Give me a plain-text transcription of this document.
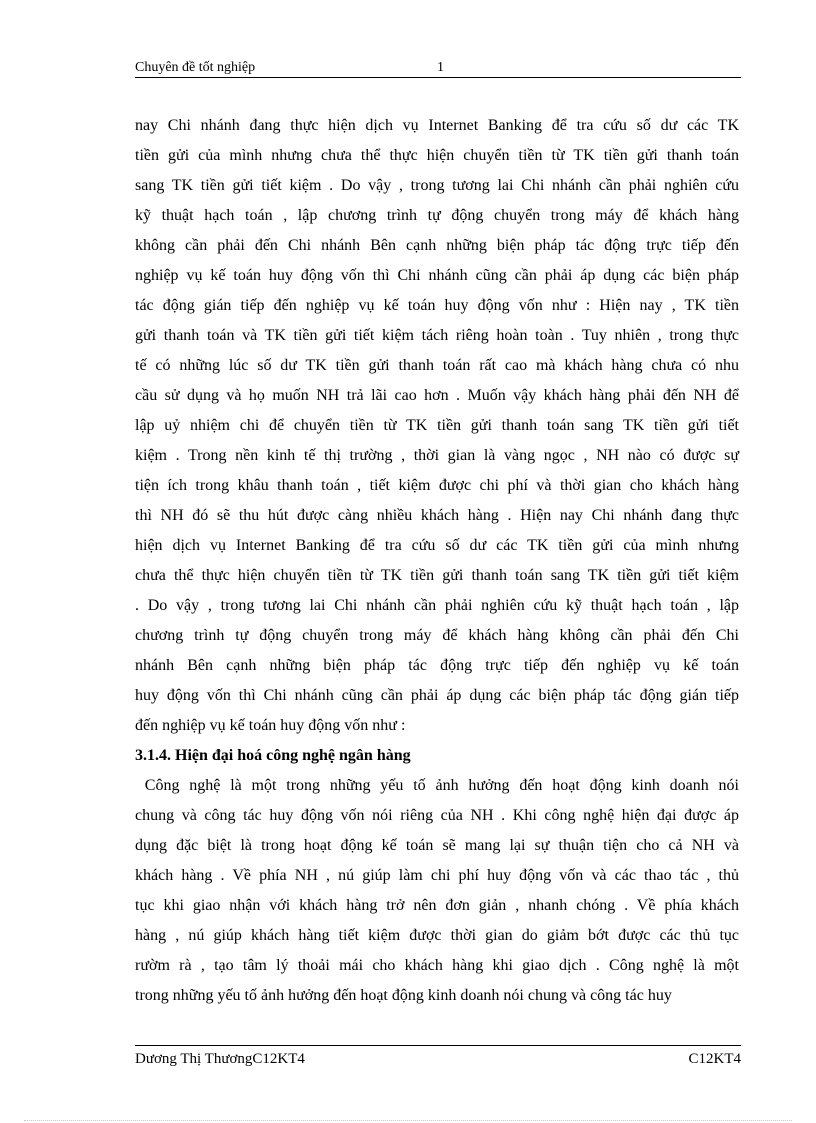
Chuyên đề tốt nghiệp	1
nay Chi nhánh đang thực hiện dịch vụ Internet Banking để tra cứu số dư các TK
tiền gửi của mình nhưng chưa thể thực hiện chuyển tiền từ TK tiền gửi thanh toán
sang TK tiền gửi tiết kiệm . Do vậy , trong tương lai Chi nhánh cần phải nghiên cứu
kỹ thuật hạch toán , lập chương trình tự động chuyển trong máy để khách hàng
không cần phải đến Chi nhánh Bên cạnh những biện pháp tác động trực tiếp đến
nghiệp vụ kế toán huy động vốn thì Chi nhánh cũng cần phải áp dụng các biện pháp
tác động gián tiếp đến nghiệp vụ kế toán huy động vốn như : Hiện nay , TK tiền
gửi thanh toán và TK tiền gửi tiết kiệm tách riêng hoàn toàn . Tuy nhiên , trong thực
tế có những lúc số dư TK tiền gửi thanh toán rất cao mà khách hàng chưa có nhu
cầu sử dụng và họ muốn NH trả lãi cao hơn . Muốn vậy khách hàng phải đến NH để
lập uỷ nhiệm chi để chuyển tiền từ TK tiền gửi thanh toán sang TK tiền gửi tiết
kiệm . Trong nền kinh tế thị trường , thời gian là vàng ngọc , NH nào có được sự
tiện ích trong khâu thanh toán , tiết kiệm được chi phí và thời gian cho khách hàng
thì NH đó sẽ thu hút được càng nhiều khách hàng . Hiện nay Chi nhánh đang thực
hiện dịch vụ Internet Banking để tra cứu số dư các TK tiền gửi của mình nhưng
chưa thể thực hiện chuyển tiền từ TK tiền gửi thanh toán sang TK tiền gửi tiết kiệm
. Do vậy , trong tương lai Chi nhánh cần phải nghiên cứu kỹ thuật hạch toán , lập
chương trình tự động chuyển trong máy để khách hàng không cần phải đến Chi
nhánh Bên cạnh những biện pháp tác động trực tiếp đến nghiệp vụ kế toán
huy động vốn thì Chi nhánh cũng cần phải áp dụng các biện pháp tác động gián tiếp
đến nghiệp vụ kế toán huy động vốn như :
3.1.4. Hiện đại hoá công nghệ ngân hàng
Công nghệ là một trong những yếu tố ảnh hưởng đến hoạt động kinh doanh nói
chung và công tác huy động vốn nói riêng của NH . Khi công nghệ hiện đại được áp
dụng đặc biệt là trong hoạt động kế toán sẽ mang lại sự thuận tiện cho cả NH và
khách hàng . Về phía NH , nú giúp làm chi phí huy động vốn và các thao tác , thủ
tục khi giao nhận với khách hàng trở nên đơn giản , nhanh chóng . Về phía khách
hàng , nú giúp khách hàng tiết kiệm được thời gian do giảm bớt được các thủ tục
rườm rà , tạo tâm lý thoải mái cho khách hàng khi giao dịch . Công nghệ là một
trong những yếu tố ảnh hưởng đến hoạt động kinh doanh nói chung và công tác huy
Dương Thị ThươngC12KT4	C12KT4
